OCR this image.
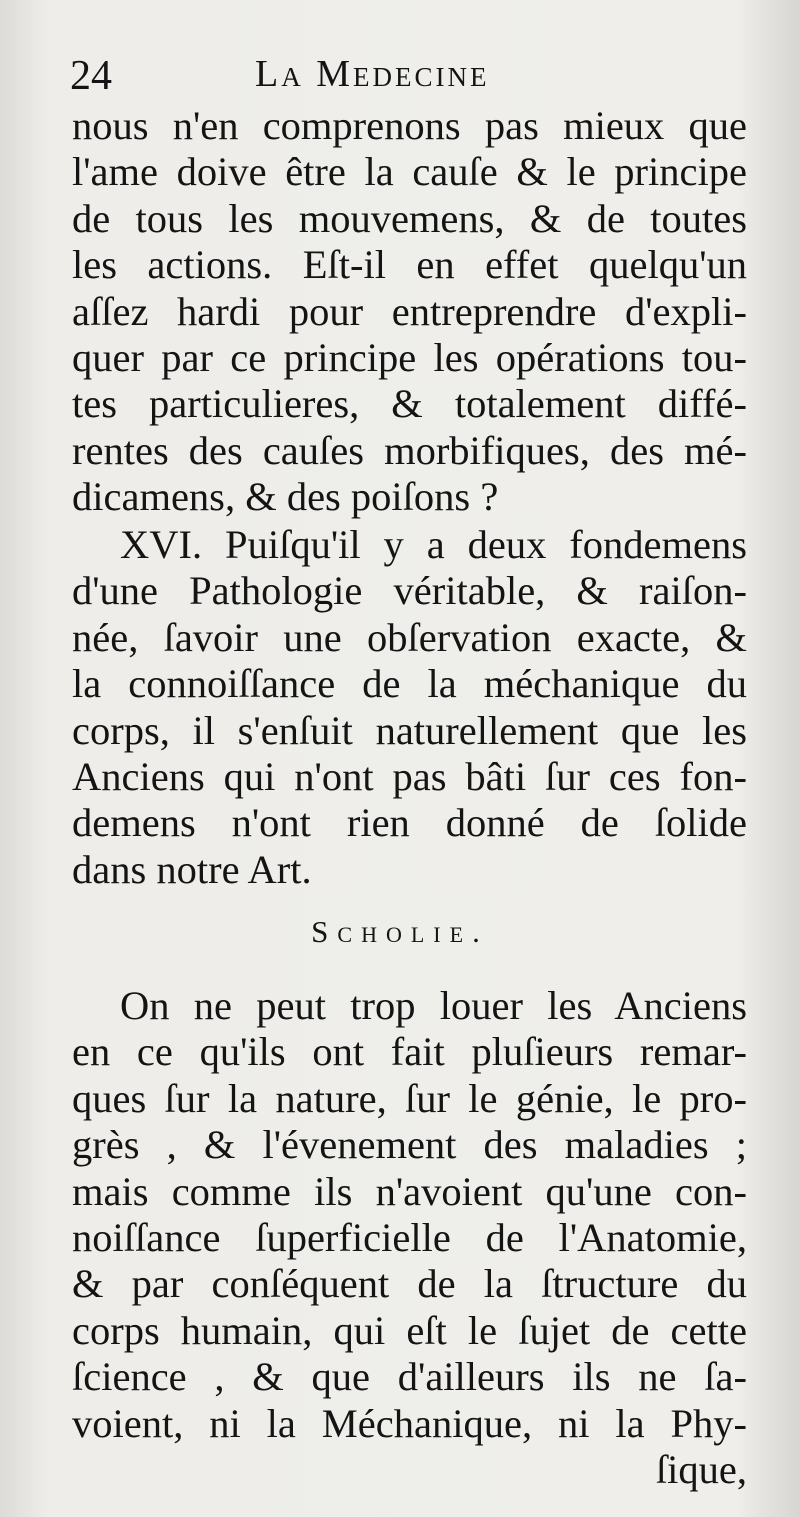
24	La Medecine
nous n'en comprenons pas mieux que
l'ame doive être la cauſe & le principe
de tous les mouvemens, & de toutes
les actions. Eſt-il en effet quelqu'un
aſſez hardi pour entreprendre d'expli-
quer par ce principe les opérations tou-
tes particulieres, & totalement diffé-
rentes des cauſes morbifiques, des mé-
dicamens, & des poiſons ?
XVI. Puiſqu'il y a deux fondemens
d'une Pathologie véritable, & raiſon-
née, ſavoir une obſervation exacte, &
la connoiſſance de la méchanique du
corps, il s'enſuit naturellement que les
Anciens qui n'ont pas bâti ſur ces fon-
demens n'ont rien donné de ſolide
dans notre Art.
Scholie.
On ne peut trop louer les Anciens
en ce qu'ils ont fait pluſieurs remar-
ques ſur la nature, ſur le génie, le pro-
grès , & l'évenement des maladies ;
mais comme ils n'avoient qu'une con-
noiſſance ſuperficielle de l'Anatomie,
& par conſéquent de la ſtructure du
corps humain, qui eſt le ſujet de cette
ſcience , & que d'ailleurs ils ne ſa-
voient, ni la Méchanique, ni la Phy-
ſique,
